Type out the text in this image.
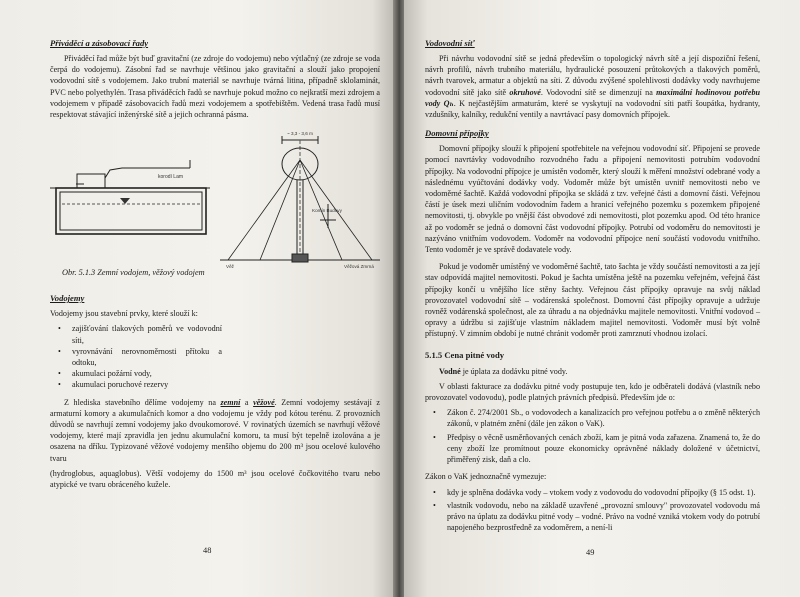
Přiváděcí a zásobovací řady

Přiváděcí řad může být buď gravitační (ze zdroje do vodojemu) nebo výtlačný (ze zdroje se voda čerpá do vodojemu). Zásobní řad se navrhuje většinou jako gravitační a slouží jako propojení vodovodní sítě s vodojemem. Jako trubní materiál se navrhuje tvárná litina, případně sklolaminát, PVC nebo polyethylén. Trasa přiváděcích řadů se navrhuje pokud možno co nejkratší mezi zdrojem a vodojemem v případě zásobovacích řadů mezi vodojemem a spotřebištěm. Vedená trasa řadů musí respektovat stávající inženýrské sítě a jejich ochranná pásma.

korodí Lam
~ 3,3 - 3,6 m
Komín Budovy
Věžová Zmrná
Věž
Obr. 5.1.3 Zemní vodojem, věžový vodojem

Vodojemy

Vodojemy jsou stavební prvky, které slouží k:

• zajišťování tlakových poměrů ve vodovodní síti,
• vyrovnávání nerovnoměrnosti přítoku a odtoku,
• akumulaci požární vody,
• akumulaci poruchové rezervy

Z hlediska stavebního dělíme vodojemy na zemní a věžové. Zemní vodojemy sestávají z armaturní komory a akumulačních komor a dno vodojemu je vždy pod kótou terénu. Z provozních důvodů se navrhují zemní vodojemy jako dvoukomorové. V rovinatých územích se navrhují věžové vodojemy, které mají zpravidla jen jednu akumulační komoru, ta musí být tepelně izolována a je osazena na dříku. Typizované věžové vodojemy menšího objemu do 200 m³ jsou ocelové kulového tvaru

(hydroglobus, aquaglobus). Větší vodojemy do 1500 m³ jsou ocelové čočkovitého tvaru nebo atypické ve tvaru obráceného kužele.

48

Vodovodní síť

Při návrhu vodovodní sítě se jedná především o topologický návrh sítě a její dispoziční řešení, návrh profilů, návrh trubního materiálu, hydraulické posouzení průtokových a tlakových poměrů, návrh tvarovek, armatur a objektů na síti. Z důvodu zvýšené spolehlivosti dodávky vody navrhujeme vodovodní sítě jako sítě okruhové. Vodovodní sítě se dimenzují na maximální hodinovou potřebu vody Qₕ. K nejčastějším armaturám, které se vyskytují na vodovodní síti patří šoupátka, hydranty, vzdušníky, kalníky, redukční ventily a navrtávací pasy domovních přípojek.

Domovní přípojky

Domovní přípojky slouží k připojení spotřebitele na veřejnou vodovodní síť. Připojení se provede pomocí navrtávky vodovodního rozvodného řadu a připojení nemovitosti potrubím vodovodní přípojky. Na vodovodní přípojce je umístěn vodoměr, který slouží k měření množství odebrané vody a následnému vyúčtování dodávky vody. Vodoměr může být umístěn uvnitř nemovitosti nebo ve vodoměrné šachtě. Každá vodovodní přípojka se skládá z tzv. veřejné části a domovní části. Veřejnou částí je úsek mezi uličním vodovodním řadem a hranicí veřejného pozemku s pozemkem připojené nemovitosti, tj. obvykle po vnější část obvodové zdi nemovitosti, plot pozemku apod. Od této hranice až po vodoměr se jedná o domovní část vodovodní přípojky. Potrubí od vodoměru do nemovitosti je nazýváno vnitřním vodovodem. Vodoměr na vodovodní přípojce není součástí vodovodu vnitřního. Tento vodoměr je ve správě dodavatele vody.

Pokud je vodoměr umístěný ve vodoměrné šachtě, tato šachta je vždy součástí nemovitosti a za její stav odpovídá majitel nemovitosti. Pokud je šachta umístěna ještě na pozemku veřejném, veřejná část přípojky končí u vnějšího líce stěny šachty. Veřejnou část přípojky opravuje na svůj náklad provozovatel vodovodní sítě – vodárenská společnost. Domovní část přípojky opravuje a udržuje rovněž vodárenská společnost, ale za úhradu a na objednávku majitele nemovitosti. Vnitřní vodovod – opravy a údržbu si zajišťuje vlastním nákladem majitel nemovitosti. Vodoměr musí být volně přístupný. V zimním období je nutné chránit vodoměr proti zamrznutí vhodnou izolací.

5.1.5 Cena pitné vody

Vodné je úplata za dodávku pitné vody.

V oblasti fakturace za dodávku pitné vody postupuje ten, kdo je odběrateli dodává (vlastník nebo provozovatel vodovodu), podle platných právních předpisů. Především jde o:

• Zákon č. 274/2001 Sb., o vodovodech a kanalizacích pro veřejnou potřebu a o změně některých zákonů, v platném znění (dále jen zákon o VaK).
• Předpisy o věcně usměrňovaných cenách zboží, kam je pitná voda zařazena. Znamená to, že do ceny zboží lze promítnout pouze ekonomicky oprávněné náklady doložené v účetnictví, přiměřený zisk, daň a clo.

Zákon o VaK jednoznačně vymezuje:

• kdy je splněna dodávka vody – vtokem vody z vodovodu do vodovodní přípojky (§ 15 odst. 1).
• vlastník vodovodu, nebo na základě uzavřené „provozní smlouvy" provozovatel vodovodu má právo na úplatu za dodávku pitné vody – vodné. Právo na vodné vzniká vtokem vody do potrubí napojeného bezprostředně za vodoměrem, a není-li
49
